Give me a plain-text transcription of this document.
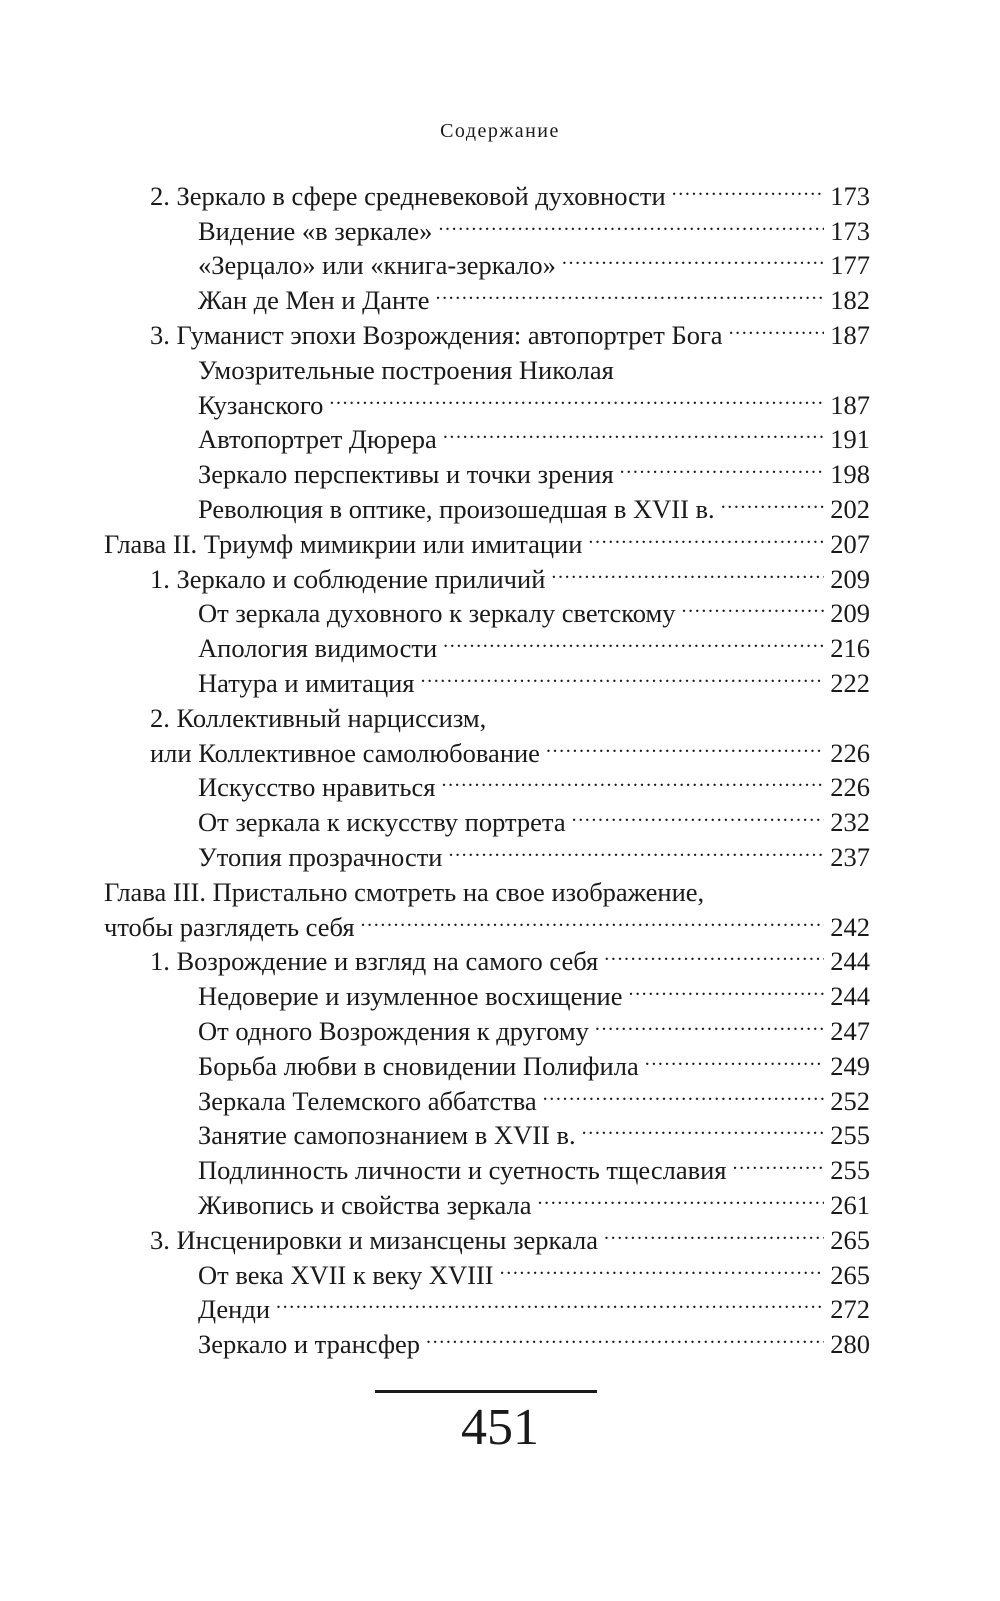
Содержание
2. Зеркало в сфере средневековой духовности .....	173
Видение «в зеркале» .....	173
«Зерцало» или «книга-зеркало» .....	177
Жан де Мен и Данте .....	182
3. Гуманист эпохи Возрождения: автопортрет Бога .....	187
Умозрительные построения Николая
Кузанского .....	187
Автопортрет Дюрера .....	191
Зеркало перспективы и точки зрения .....	198
Революция в оптике, произошедшая в XVII в. .....	202
Глава II. Триумф мимикрии или имитации .....	207
1. Зеркало и соблюдение приличий .....	209
От зеркала духовного к зеркалу светскому .....	209
Апология видимости .....	216
Натура и имитация .....	222
2. Коллективный нарциссизм,
или Коллективное самолюбование .....	226
Искусство нравиться .....	226
От зеркала к искусству портрета .....	232
Утопия прозрачности .....	237
Глава III. Пристально смотреть на свое изображение,
чтобы разглядеть себя .....	242
1. Возрождение и взгляд на самого себя .....	244
Недоверие и изумленное восхищение .....	244
От одного Возрождения к другому .....	247
Борьба любви в сновидении Полифила .....	249
Зеркала Телемского аббатства .....	252
Занятие самопознанием в XVII в. .....	255
Подлинность личности и суетность тщеславия .....	255
Живопись и свойства зеркала .....	261
3. Инсценировки и мизансцены зеркала .....	265
От века XVII к веку XVIII .....	265
Денди .....	272
Зеркало и трансфер .....	280
451
